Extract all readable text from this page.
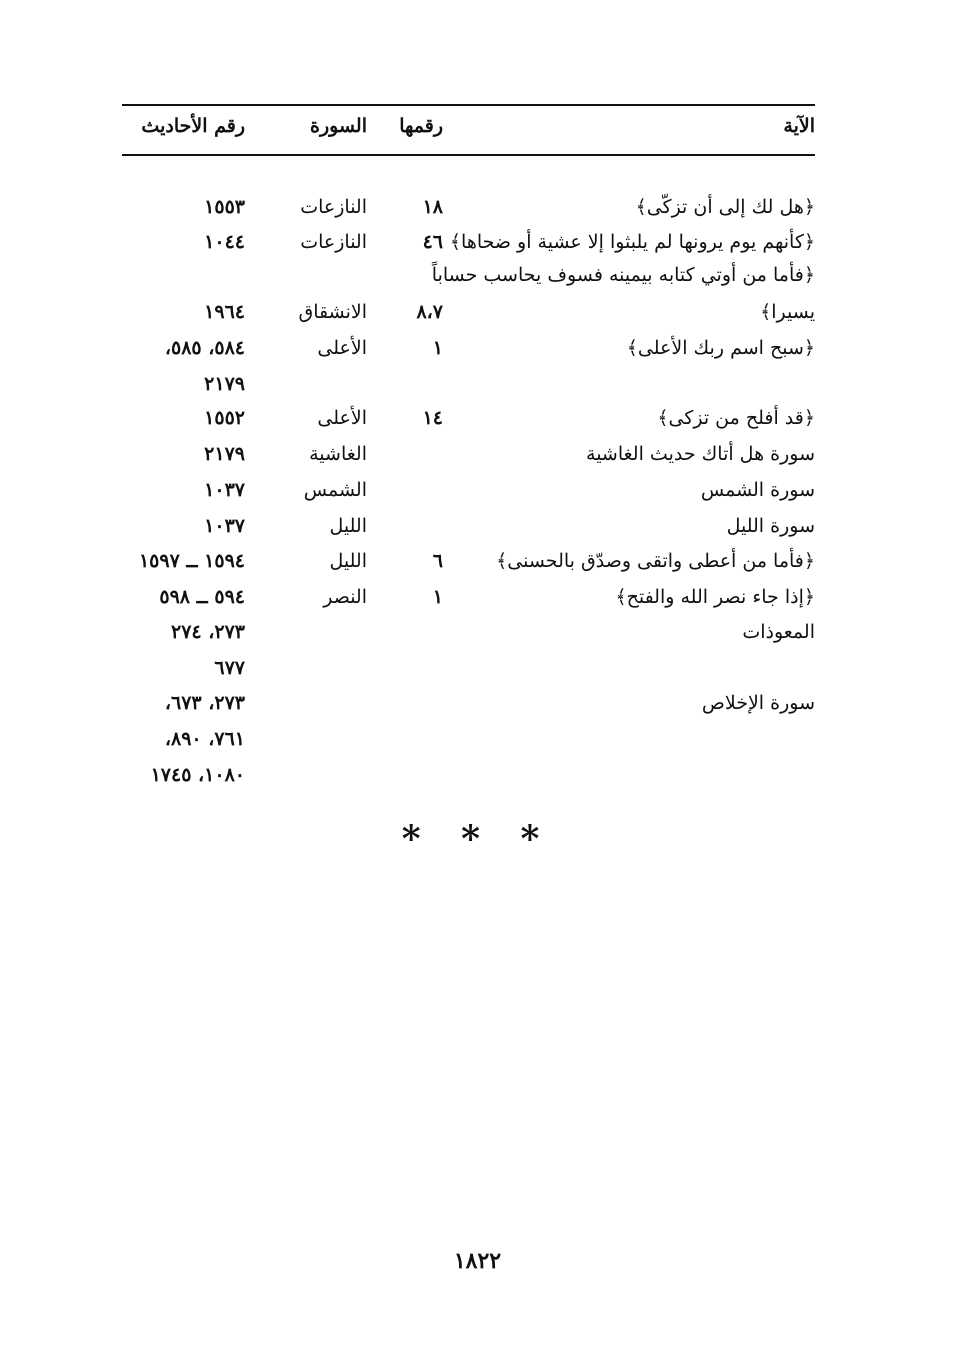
الآية
رقمها
السورة
رقم الأحاديث
﴿هل لك إلى أن تزكّى﴾
١٨
النازعات
١٥٥٣
﴿كأنهم يوم يرونها لم يلبثوا إلا عشية أو ضحاها﴾
٤٦
النازعات
١٠٤٤
﴿فأما من أوتي كتابه بيمينه فسوف يحاسب حساباً
يسيرا﴾
٨،٧
الانشقاق
١٩٦٤
﴿سبح اسم ربك الأعلى﴾
١
الأعلى
٥٨٤، ٥٨٥،
٢١٧٩
﴿قد أفلح من تزكى﴾
١٤
الأعلى
١٥٥٢
سورة هل أتاك حديث الغاشية
الغاشية
٢١٧٩
سورة الشمس
الشمس
١٠٣٧
سورة الليل
الليل
١٠٣٧
﴿فأما من أعطى واتقى وصدّق بالحسنى﴾
٦
الليل
١٥٩٤ ــ ١٥٩٧
﴿إذا جاء نصر الله والفتح﴾
١
النصر
٥٩٤ ــ ٥٩٨
المعوذات
٢٧٣، ٢٧٤
٦٧٧
سورة الإخلاص
٢٧٣، ٦٧٣،
٧٦١، ٨٩٠،
١٠٨٠، ١٧٤٥
* * *
١٨٢٢
